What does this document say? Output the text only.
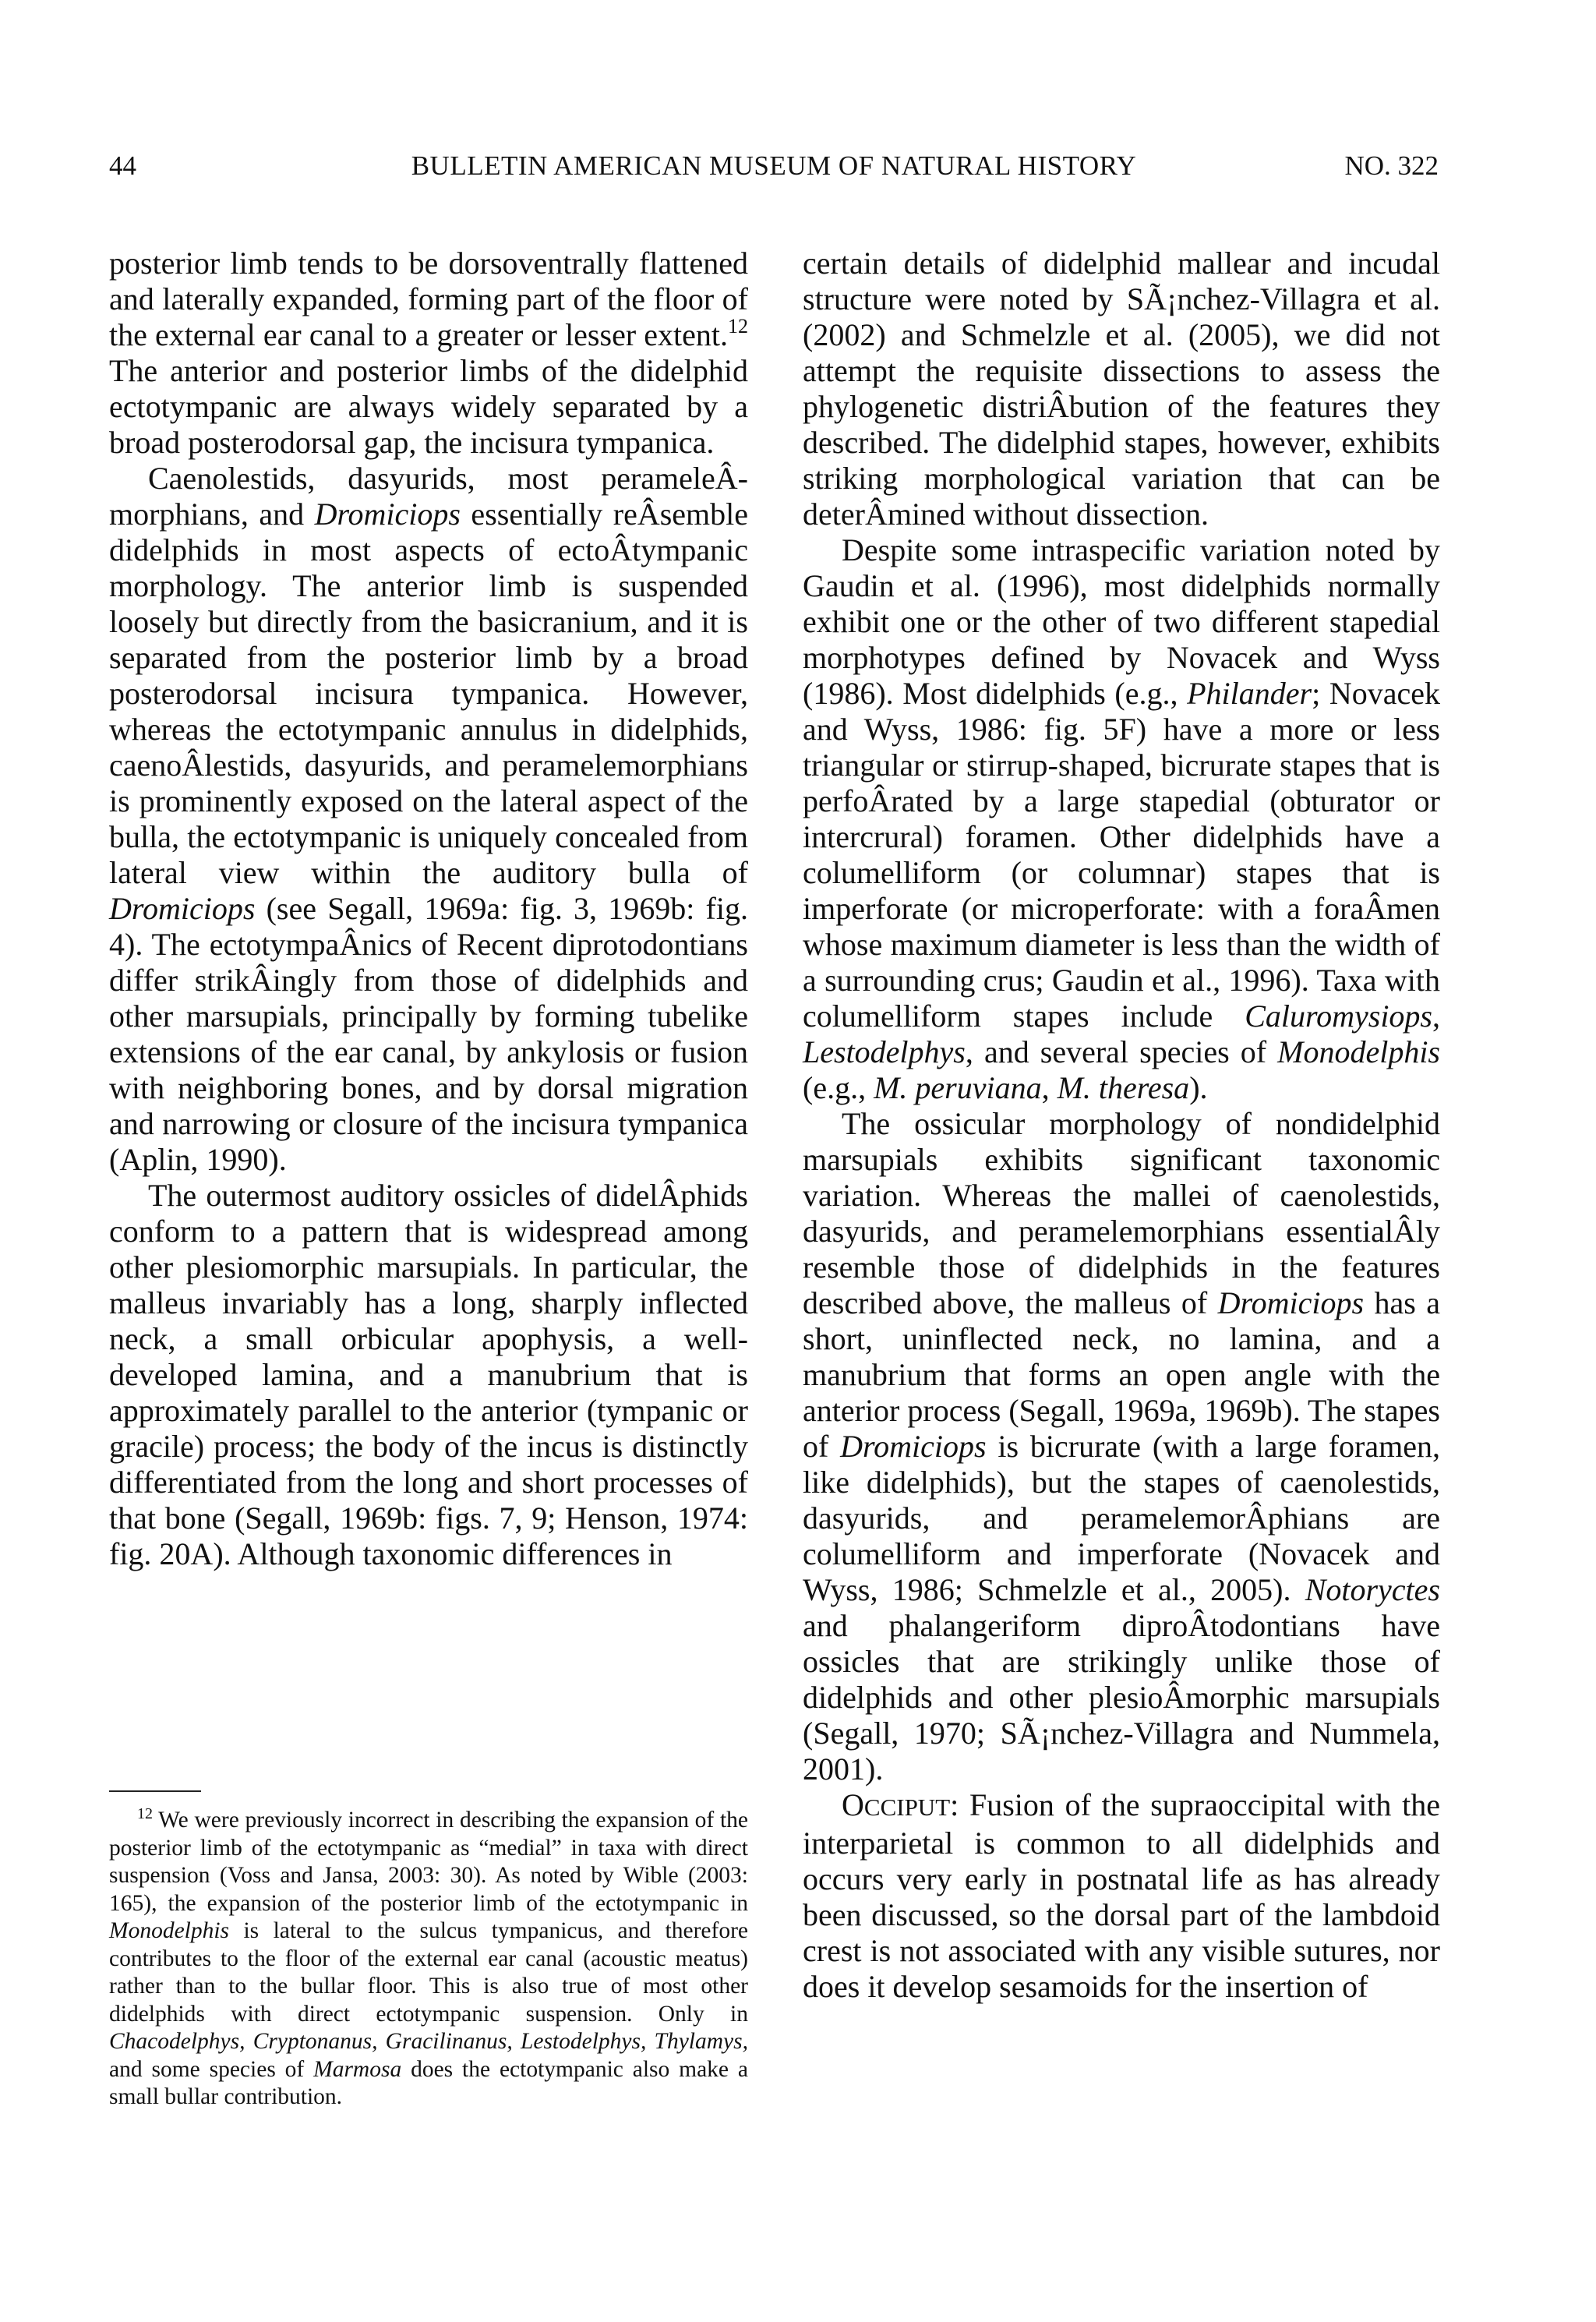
44	BULLETIN AMERICAN MUSEUM OF NATURAL HISTORY	NO. 322

posterior limb tends to be dorsoventrally flattened and laterally expanded, forming part of the floor of the external ear canal to a greater or lesser extent.$^{12}$ The anterior and posterior limbs of the didelphid ectotympanic are always widely separated by a broad posterodorsal gap, the incisura tympanica.

Caenolestids, dasyurids, most perameleÂmorphians, and Dromiciops essentially reÂsemble didelphids in most aspects of ectoÂtympanic morphology. The anterior limb is suspended loosely but directly from the basicranium, and it is separated from the posterior limb by a broad posterodorsal incisura tympanica. However, whereas the ectotympanic annulus in didelphids, caenoÂlestids, dasyurids, and peramelemorphians is prominently exposed on the lateral aspect of the bulla, the ectotympanic is uniquely concealed from lateral view within the auditory bulla of Dromiciops (see Segall, 1969a: fig. 3, 1969b: fig. 4). The ectotympaÂnics of Recent diprotodontians differ strikÂingly from those of didelphids and other marsupials, principally by forming tubelike extensions of the ear canal, by ankylosis or fusion with neighboring bones, and by dorsal migration and narrowing or closure of the incisura tympanica (Aplin, 1990).

The outermost auditory ossicles of didelÂphids conform to a pattern that is widespread among other plesiomorphic marsupials. In particular, the malleus invariably has a long, sharply inflected neck, a small orbicular apophysis, a well-developed lamina, and a manubrium that is approximately parallel to the anterior (tympanic or gracile) process; the body of the incus is distinctly differentiated from the long and short processes of that bone (Segall, 1969b: figs. 7, 9; Henson, 1974: fig. 20A). Although taxonomic differences in

$^{12}$ We were previously incorrect in describing the expansion of the posterior limb of the ectotympanic as “medial” in taxa with direct suspension (Voss and Jansa, 2003: 30). As noted by Wible (2003: 165), the expansion of the posterior limb of the ectotympanic in Monodelphis is lateral to the sulcus tympanicus, and therefore contributes to the floor of the external ear canal (acoustic meatus) rather than to the bullar floor. This is also true of most other didelphids with direct ectotympanic suspension. Only in Chacodelphys, Cryptonanus, Gracilinanus, Lestodelphys, Thylamys, and some species of Marmosa does the ectotympanic also make a small bullar contribution.

certain details of didelphid mallear and incudal structure were noted by SÃ¡nchez-Villagra et al. (2002) and Schmelzle et al. (2005), we did not attempt the requisite dissections to assess the phylogenetic distriÂbution of the features they described. The didelphid stapes, however, exhibits striking morphological variation that can be deterÂmined without dissection.

Despite some intraspecific variation noted by Gaudin et al. (1996), most didelphids normally exhibit one or the other of two different stapedial morphotypes defined by Novacek and Wyss (1986). Most didelphids (e.g., Philander; Novacek and Wyss, 1986: fig. 5F) have a more or less triangular or stirrup-shaped, bicrurate stapes that is perfoÂrated by a large stapedial (obturator or intercrural) foramen. Other didelphids have a columelliform (or columnar) stapes that is imperforate (or microperforate: with a foraÂmen whose maximum diameter is less than the width of a surrounding crus; Gaudin et al., 1996). Taxa with columelliform stapes include Caluromysiops, Lestodelphys, and several species of Monodelphis (e.g., M. peruviana, M. theresa).

The ossicular morphology of nondidelphid marsupials exhibits significant taxonomic variation. Whereas the mallei of caenolestids, dasyurids, and peramelemorphians essentialÂly resemble those of didelphids in the features described above, the malleus of Dromiciops has a short, uninflected neck, no lamina, and a manubrium that forms an open angle with the anterior process (Segall, 1969a, 1969b). The stapes of Dromiciops is bicrurate (with a large foramen, like didelphids), but the stapes of caenolestids, dasyurids, and peramelemorÂphians are columelliform and imperforate (Novacek and Wyss, 1986; Schmelzle et al., 2005). Notoryctes and phalangeriform diproÂtodontians have ossicles that are strikingly unlike those of didelphids and other plesioÂmorphic marsupials (Segall, 1970; SÃ¡nchez-Villagra and Nummela, 2001).

OCCIPUT: Fusion of the supraoccipital with the interparietal is common to all didelphids and occurs very early in postnatal life as has already been discussed, so the dorsal part of the lambdoid crest is not associated with any visible sutures, nor does it develop sesamoids for the insertion of
